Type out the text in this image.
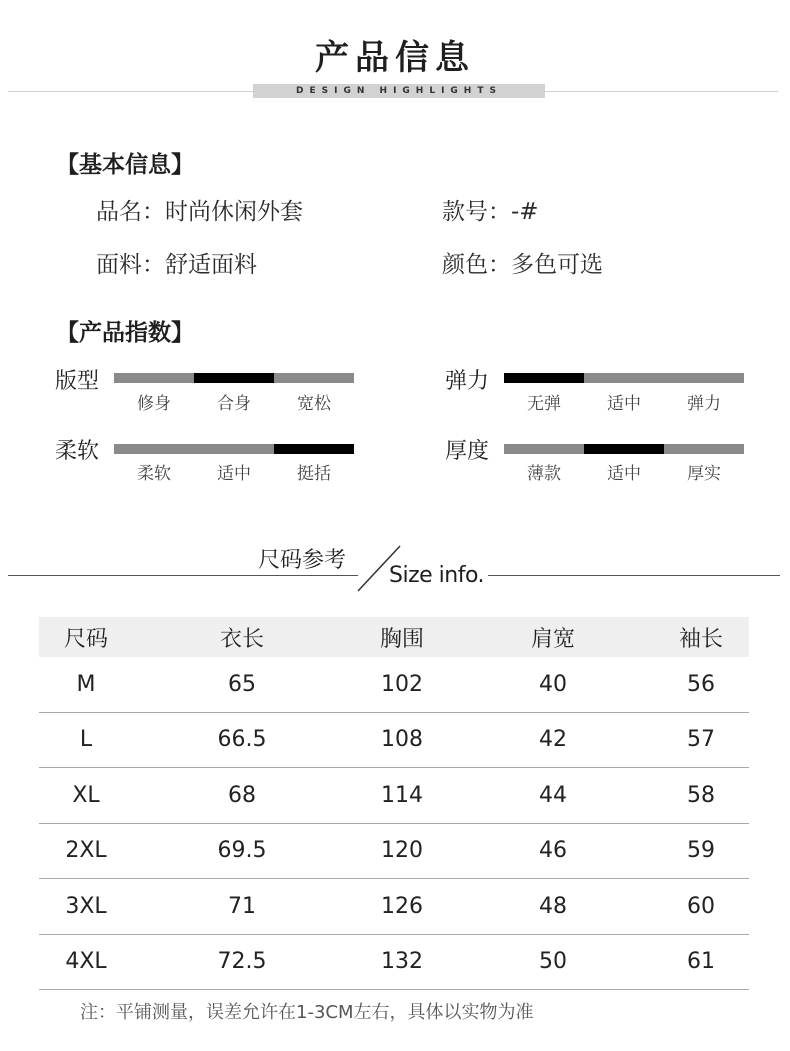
产品信息
DESIGN HIGHLIGHTS
【基本信息】
品名：时尚休闲外套	款号：-#
面料：舒适面料	颜色：多色可选
【产品指数】
版型
修身	合身	宽松
弹力
无弹	适中	弹力
柔软
柔软	适中	挺括
厚度
薄款	适中	厚实
尺码参考
Size info.
尺码	衣长	胸围	肩宽	袖长
M	65	102	40	56
L	66.5	108	42	57
XL	68	114	44	58
2XL	69.5	120	46	59
3XL	71	126	48	60
4XL	72.5	132	50	61
注：平铺测量，误差允许在1-3CM左右，具体以实物为准
